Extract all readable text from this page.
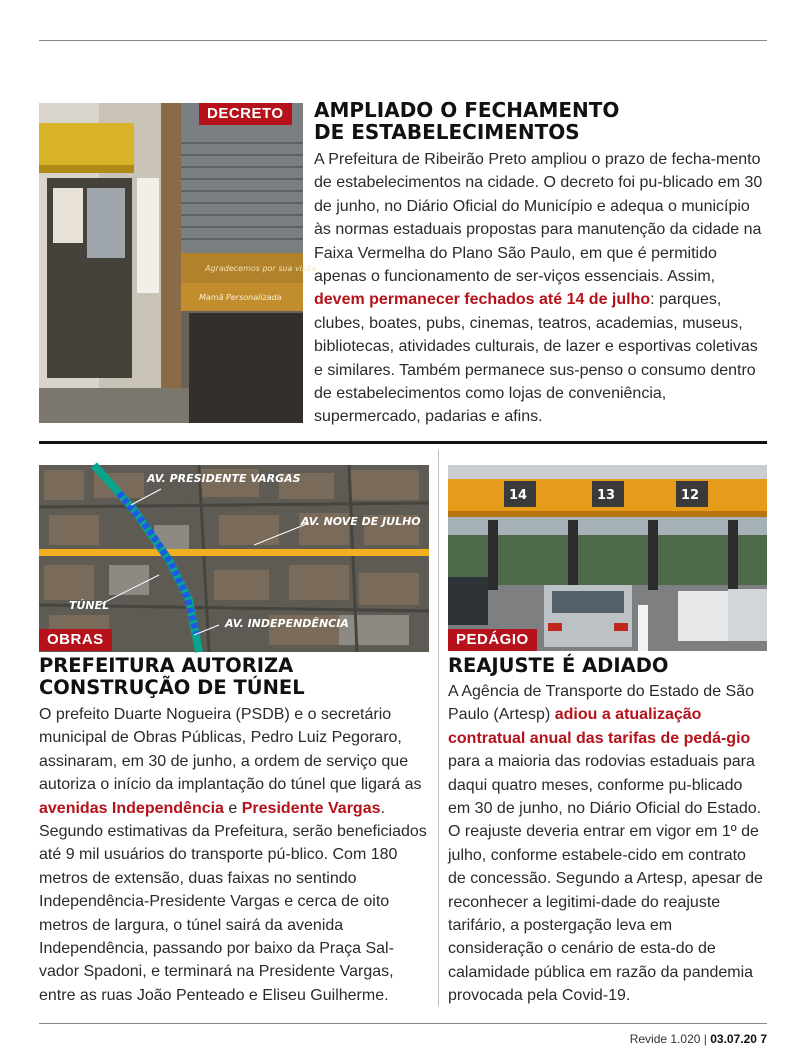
Agradecemos por sua visita
Mamã Personalizada
DECRETO	AMPLIADO O FECHAMENTO
DE ESTABELECIMENTOS

A Prefeitura de Ribeirão Preto ampliou o prazo de fecha-mento de estabelecimentos na cidade. O decreto foi pu-blicado em 30 de junho, no Diário Oficial do Município e adequa o município às normas estaduais propostas para manutenção da cidade na Faixa Vermelha do Plano São Paulo, em que é permitido apenas o funcionamento de ser-viços essenciais. Assim, devem permanecer fechados até 14 de julho: parques, clubes, boates, pubs, cinemas, teatros, academias, museus, bibliotecas, atividades culturais, de lazer e esportivas coletivas e similares. Também permanece sus-penso o consumo dentro de estabelecimentos como lojas de conveniência, supermercado, padarias e afins.

AV. PRESIDENTE VARGAS
AV. NOVE DE JULHO
TÚNEL
AV. INDEPENDÊNCIA
OBRAS
PREFEITURA AUTORIZA
CONSTRUÇÃO DE TÚNEL

O prefeito Duarte Nogueira (PSDB) e o secretário municipal de Obras Públicas, Pedro Luiz Pegoraro, assinaram, em 30 de junho, a ordem de serviço que autoriza o início da implantação do túnel que ligará as avenidas Independência e Presidente Vargas. Segundo estimativas da Prefeitura, serão beneficiados até 9 mil usuários do transporte pú-blico. Com 180 metros de extensão, duas faixas no sentindo Independência-Presidente Vargas e cerca de oito metros de largura, o túnel sairá da avenida Independência, passando por baixo da Praça Sal-vador Spadoni, e terminará na Presidente Vargas, entre as ruas João Penteado e Eliseu Guilherme.

14	13	12
PEDÁGIO
REAJUSTE É ADIADO

A Agência de Transporte do Estado de São Paulo (Artesp) adiou a atualização contratual anual das tarifas de pedá-gio para a maioria das rodovias estaduais para daqui quatro meses, conforme pu-blicado em 30 de junho, no Diário Oficial do Estado. O reajuste deveria entrar em vigor em 1º de julho, conforme estabele-cido em contrato de concessão. Segundo a Artesp, apesar de reconhecer a legitimi-dade do reajuste tarifário, a postergação leva em consideração o cenário de esta-do de calamidade pública em razão da pandemia provocada pela Covid-19.

Revide 1.020 | 03.07.20 7
